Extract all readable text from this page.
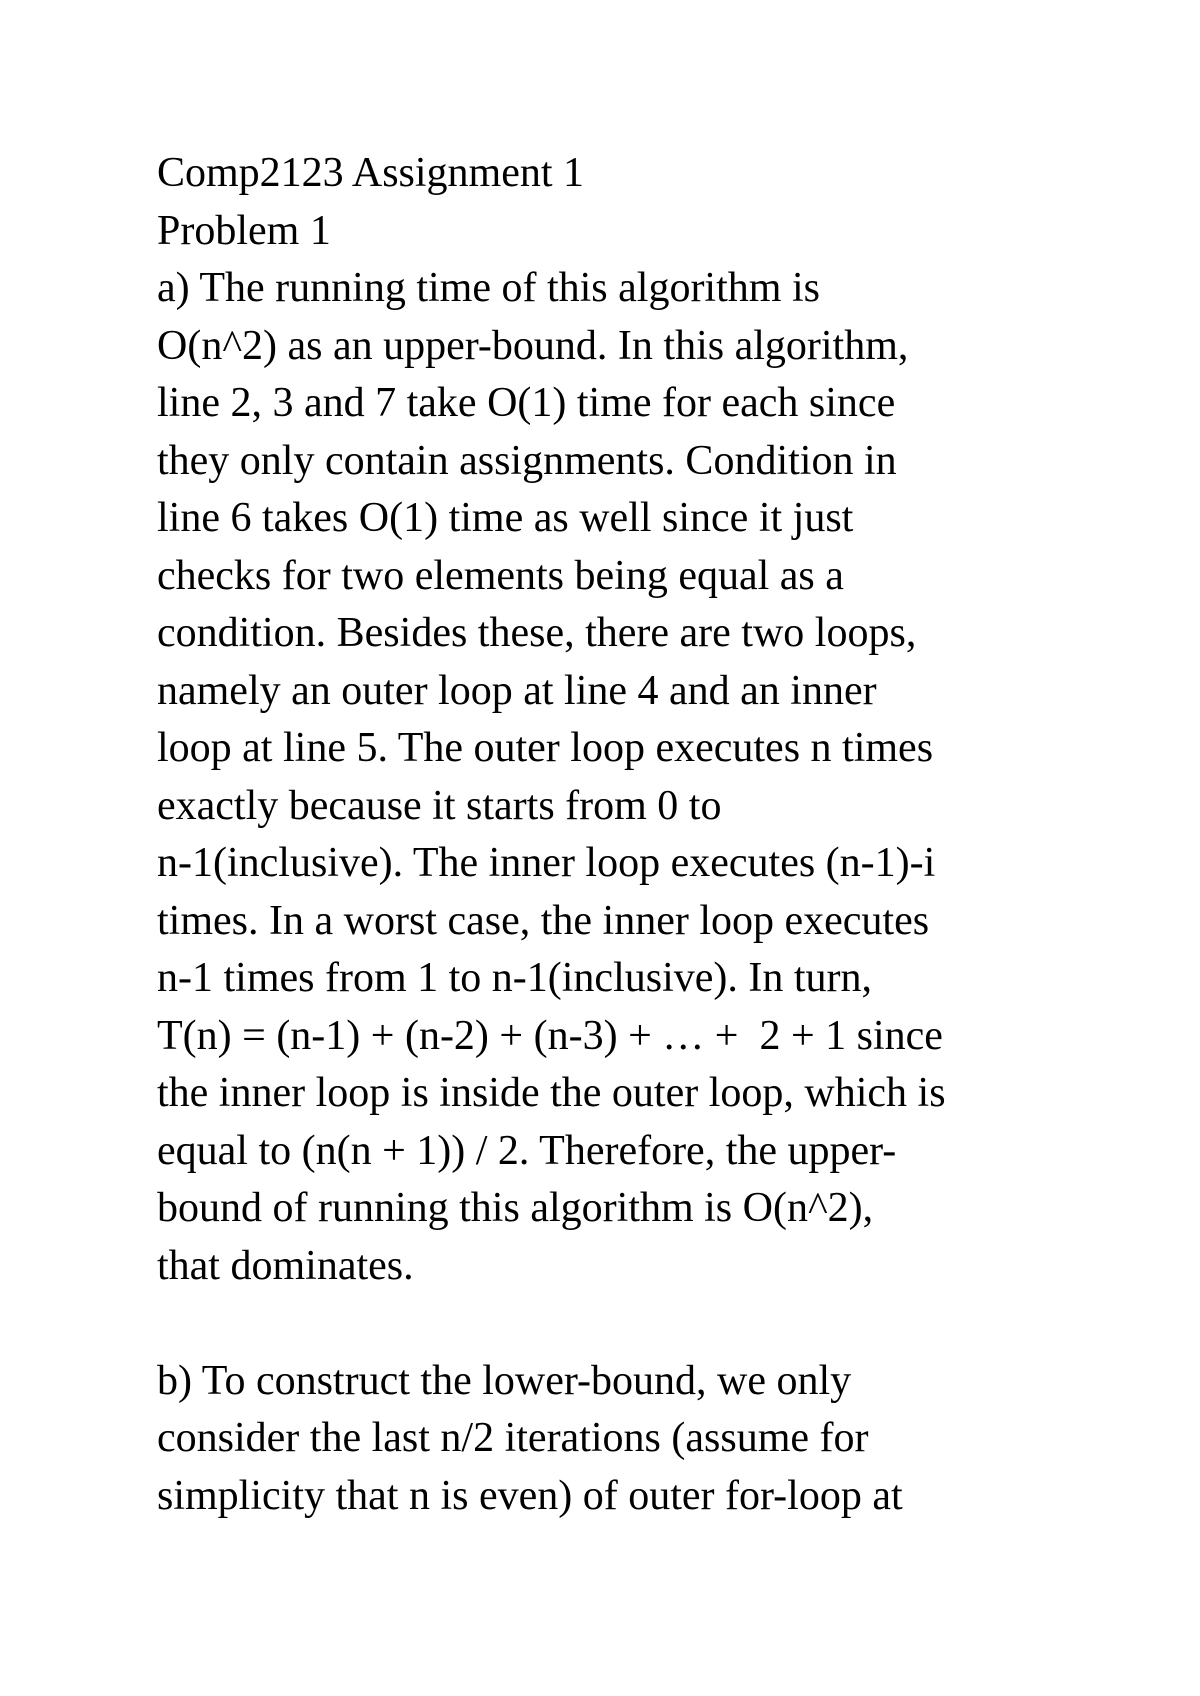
Comp2123 Assignment 1
Problem 1
a) The running time of this algorithm is
O(n^2) as an upper-bound. In this algorithm,
line 2, 3 and 7 take O(1) time for each since
they only contain assignments. Condition in
line 6 takes O(1) time as well since it just
checks for two elements being equal as a
condition. Besides these, there are two loops,
namely an outer loop at line 4 and an inner
loop at line 5. The outer loop executes n times
exactly because it starts from 0 to
n-1(inclusive). The inner loop executes (n-1)-i
times. In a worst case, the inner loop executes
n-1 times from 1 to n-1(inclusive). In turn,
T(n) = (n-1) + (n-2) + (n-3) + … +  2 + 1 since
the inner loop is inside the outer loop, which is
equal to (n(n + 1)) / 2. Therefore, the upper-
bound of running this algorithm is O(n^2),
that dominates.
b) To construct the lower-bound, we only
consider the last n/2 iterations (assume for
simplicity that n is even) of outer for-loop at
